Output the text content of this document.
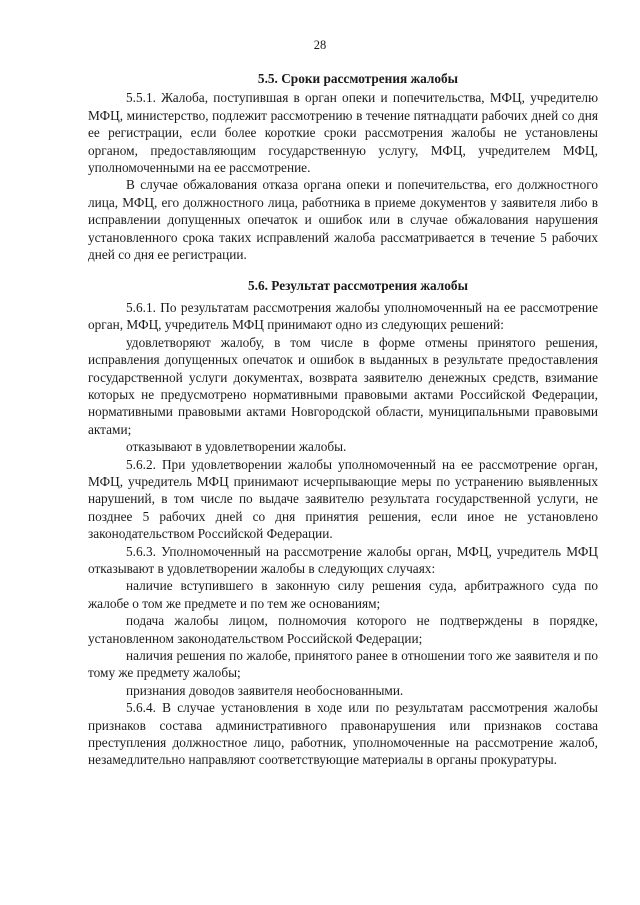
28
5.5. Сроки рассмотрения жалобы

5.5.1. Жалоба, поступившая в орган опеки и попечительства, МФЦ, учредителю МФЦ, министерство, подлежит рассмотрению в течение пятнадцати рабочих дней со дня ее регистрации, если более короткие сроки рассмотрения жалобы не установлены органом, предоставляющим государственную услугу, МФЦ, учредителем МФЦ, уполномоченными на ее рассмотрение.

В случае обжалования отказа органа опеки и попечительства, его должностного лица, МФЦ, его должностного лица, работника в приеме документов у заявителя либо в исправлении допущенных опечаток и ошибок или в случае обжалования нарушения установленного срока таких исправлений жалоба рассматривается в течение 5 рабочих дней со дня ее регистрации.

5.6. Результат рассмотрения жалобы

5.6.1. По результатам рассмотрения жалобы уполномоченный на ее рассмотрение орган, МФЦ, учредитель МФЦ принимают одно из следующих решений:

удовлетворяют жалобу, в том числе в форме отмены принятого решения, исправления допущенных опечаток и ошибок в выданных в результате предоставления государственной услуги документах, возврата заявителю денежных средств, взимание которых не предусмотрено нормативными правовыми актами Российской Федерации, нормативными правовыми актами Новгородской области, муниципальными правовыми актами;

отказывают в удовлетворении жалобы.

5.6.2. При удовлетворении жалобы уполномоченный на ее рассмотрение орган, МФЦ, учредитель МФЦ принимают исчерпывающие меры по устранению выявленных нарушений, в том числе по выдаче заявителю результата государственной услуги, не позднее 5 рабочих дней со дня принятия решения, если иное не установлено законодательством Российской Федерации.

5.6.3. Уполномоченный на рассмотрение жалобы орган, МФЦ, учредитель МФЦ отказывают в удовлетворении жалобы в следующих случаях:

наличие вступившего в законную силу решения суда, арбитражного суда по жалобе о том же предмете и по тем же основаниям;

подача жалобы лицом, полномочия которого не подтверждены в порядке, установленном законодательством Российской Федерации;

наличия решения по жалобе, принятого ранее в отношении того же заявителя и по тому же предмету жалобы;

признания доводов заявителя необоснованными.

5.6.4. В случае установления в ходе или по результатам рассмотрения жалобы признаков состава административного правонарушения или признаков состава преступления должностное лицо, работник, уполномоченные на рассмотрение жалоб, незамедлительно направляют соответствующие материалы в органы прокуратуры.
